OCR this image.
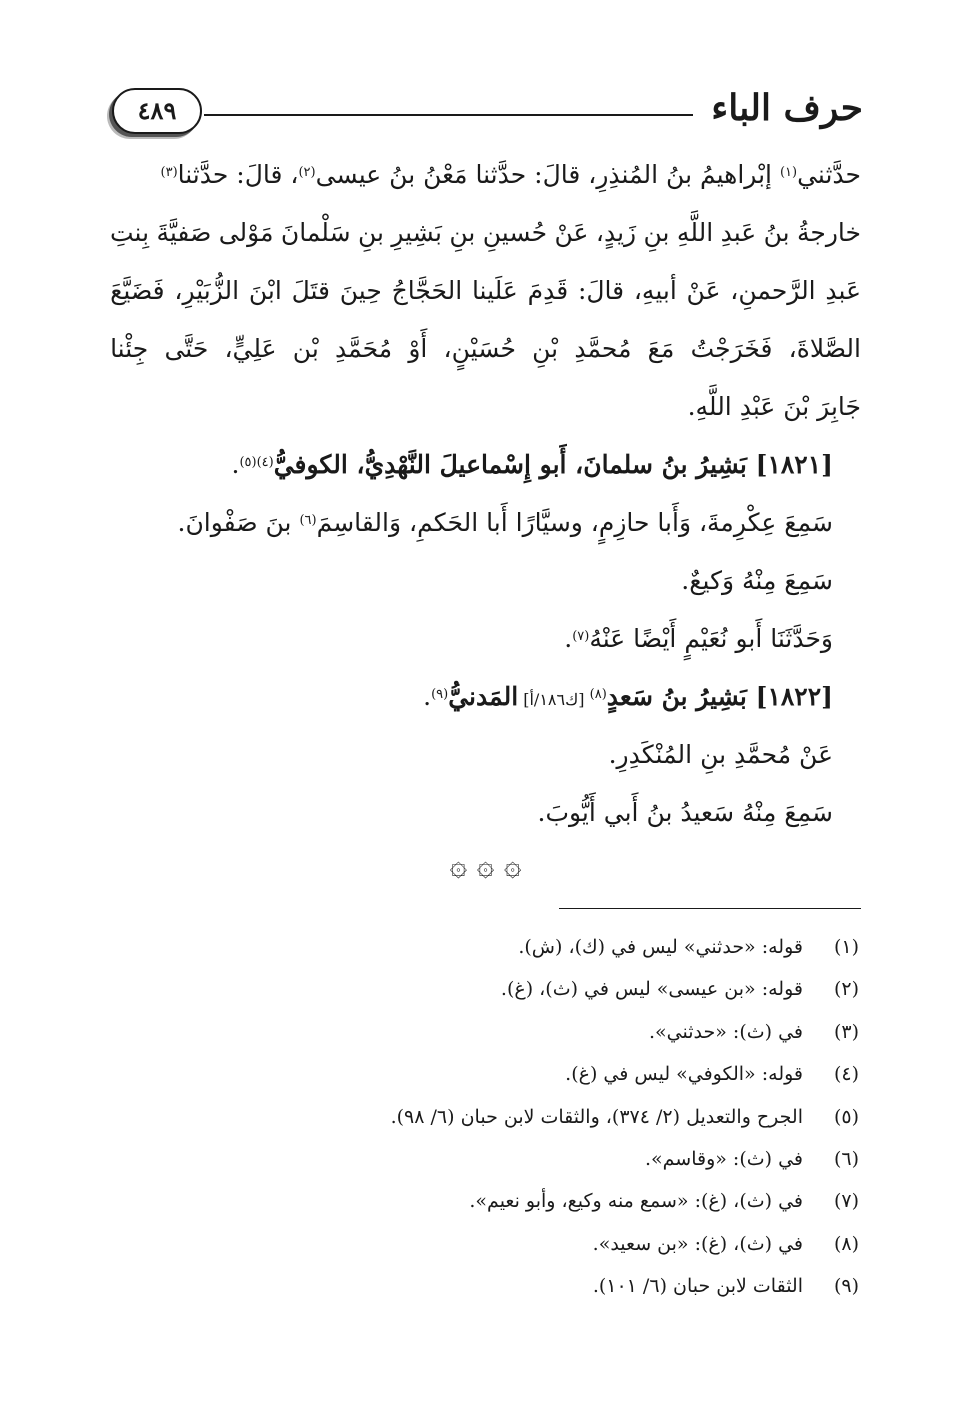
حرف الباء
٤٨٩
حدَّثني$^{(١)}$ إبْراهيمُ بنُ المُنذِرِ، قالَ: حدَّثنا مَعْنُ بنُ عيسى$^{(٢)}$، قالَ: حدَّثنا$^{(٣)}$
خارجةُ
بنُ
عَبدِ
اللَّهِ
بنِ
زَيدٍ،
عَنْ
حُسينِ
بنِ
بَشِيرِ
بنِ
سَلْمانَ
مَوْلى
صَفيَّةَ
بِنتِ
عَبدِ
الرَّحمنِ،
عَنْ
أبيهِ،
قالَ:
قَدِمَ
عَلَينا
الحَجَّاجُ
حِينَ
قتَلَ
ابْنَ
الزُّبَيْرِ،
فَضَيَّعَ
الصَّلاةَ،
فَخَرَجْتُ
مَعَ
مُحمَّدِ
بْنِ
حُسَيْنٍ،
أَوْ
مُحَمَّدِ
بْن
عَلِيٍّ،
حَتَّى
جِئْنا
جَابِرَ بْنَ عَبْدِ اللَّهِ.
[١٨٢١] بَشِيرُ بنُ سلمانَ، أَبو إِسْماعيلَ النَّهْدِيُّ، الكوفيُّ$^{(٤)(٥)}$.
سَمِعَ عِكْرِمةَ، وَأَبا حازِمٍ، وسيَّارًا أَبا الحَكمِ، وَالقاسِمَ$^{(٦)}$ بنَ صَفْوانَ.
سَمِعَ مِنْهُ وَكيعٌ.
وَحَدَّثَنَا أَبو نُعَيْمٍ أَيْضًا عَنْهُ$^{(٧)}$.
[١٨٢٢] بَشِيرُ بنُ سَعدٍ$^{(٨)}$ [ك١٨٦/أ] المَدنيُّ$^{(٩)}$.
عَنْ مُحمَّدِ بنِ المُنْكَدِرِ.
سَمِعَ مِنْهُ سَعيدُ بنُ أَبي أَيُّوبَ.
۞ ۞ ۞
(١)
قوله: «حدثني» ليس في (ك)، (ش).
(٢)
قوله: «بن عيسى» ليس في (ث)، (غ).
(٣)
في (ث): «حدثني».
(٤)
قوله: «الكوفي» ليس في (غ).
(٥)
الجرح والتعديل (٢/ ٣٧٤)، والثقات لابن حبان (٦/ ٩٨).
(٦)
في (ث): «وقاسم».
(٧)
في (ث)، (غ): «سمع منه وكيع، وأبو نعيم».
(٨)
في (ث)، (غ): «بن سعيد».
(٩)
الثقات لابن حبان (٦/ ١٠١).
